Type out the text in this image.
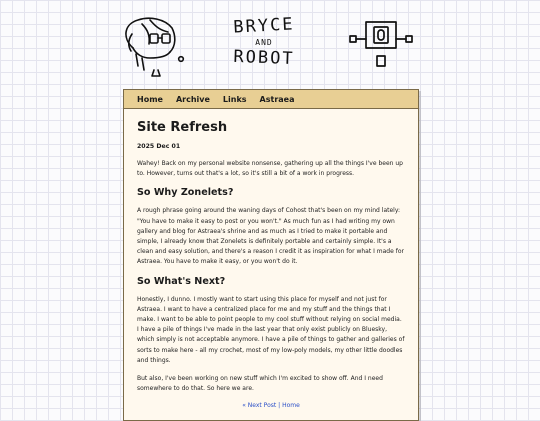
BRYCE
AND
ROBOT
Home Archive Links Astraea
Site Refresh
2025 Dec 01

Wahey! Back on my personal website nonsense, gathering up all the things I've been up to. However, turns out that's a lot, so it's still a bit of a work in progress.

So Why Zonelets?

A rough phrase going around the waning days of Cohost that's been on my mind lately: "You have to make it easy to post or you won't." As much fun as I had writing my own gallery and blog for Astraea's shrine and as much as I tried to make it portable and simple, I already know that Zonelets is definitely portable and certainly simple. It's a clean and easy solution, and there's a reason I credit it as inspiration for what I made for Astraea. You have to make it easy, or you won't do it.

So What's Next?

Honestly, I dunno. I mostly want to start using this place for myself and not just for Astraea. I want to have a centralized place for me and my stuff and the things that I make. I want to be able to point people to my cool stuff without relying on social media. I have a pile of things I've made in the last year that only exist publicly on Bluesky, which simply is not acceptable anymore. I have a pile of things to gather and galleries of sorts to make here - all my crochet, most of my low-poly models, my other little doodles and things.

But also, I've been working on new stuff which I'm excited to show off. And I need somewhere to do that. So here we are.

« Next Post | Home
